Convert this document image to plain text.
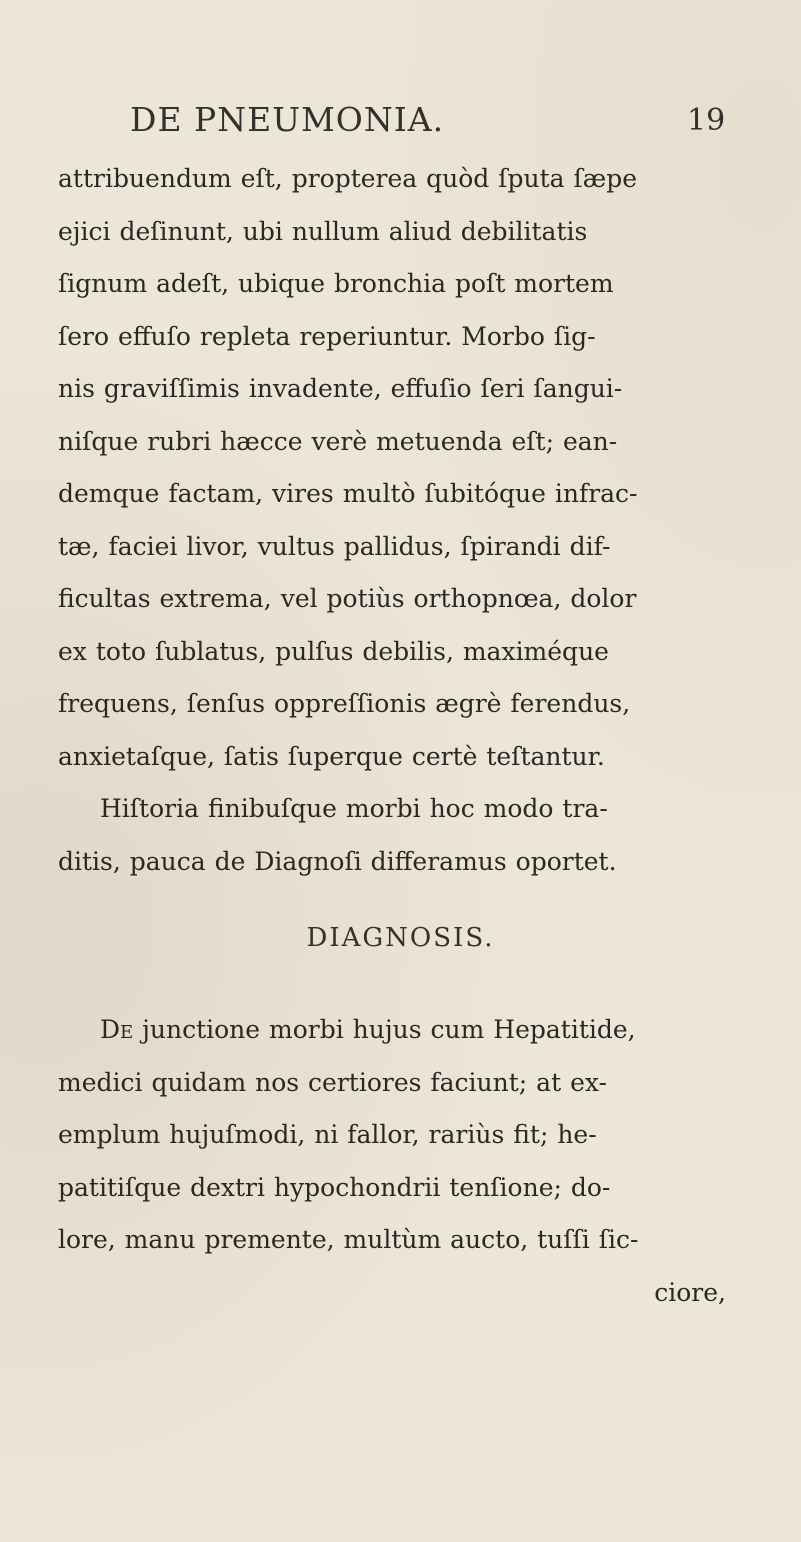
DE PNEUMONIA.	19
attribuendum eſt, propterea quòd ſputa ſæpe
ejici deſinunt, ubi nullum aliud debilitatis
ſignum adeſt, ubique bronchia poſt mortem
ſero effuſo repleta reperiuntur. Morbo ſig-
nis graviſſimis invadente, effuſio ſeri ſangui-
niſque rubri hæcce verè metuenda eſt; ean-
demque factam, vires multò ſubitóque infrac-
tæ, faciei livor, vultus pallidus, ſpirandi dif-
ficultas extrema, vel potiùs orthopnœa, dolor
ex toto ſublatus, pulſus debilis, maximéque
frequens, ſenſus oppreſſionis ægrè ferendus,
anxietaſque, ſatis ſuperque certè teſtantur.
Hiſtoria finibuſque morbi hoc modo tra-
ditis, pauca de Diagnoſi differamus oportet.
DIAGNOSIS.
De junctione morbi hujus cum Hepatitide,
medici quidam nos certiores faciunt; at ex-
emplum hujuſmodi, ni fallor, rariùs fit; he-
patitiſque dextri hypochondrii tenſione; do-
lore, manu premente, multùm aucto, tuſſi ſic-
ciore,
